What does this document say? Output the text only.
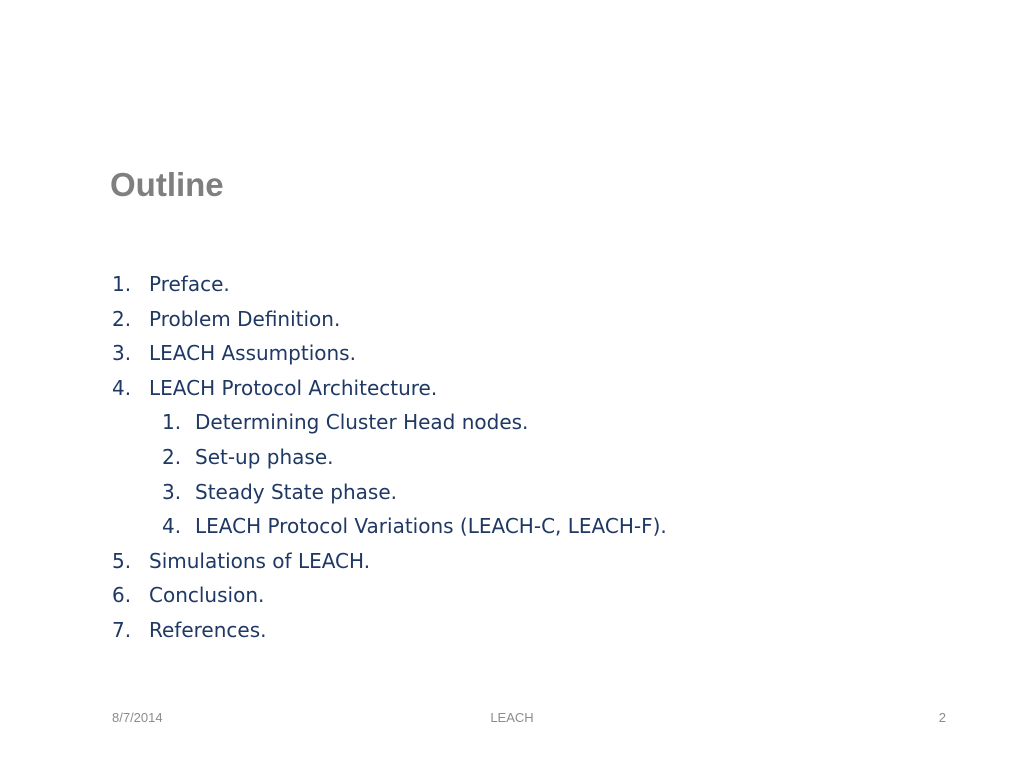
Outline
1. Preface.
2. Problem Definition.
3. LEACH Assumptions.
4. LEACH Protocol Architecture.
1. Determining Cluster Head nodes.
2. Set-up phase.
3. Steady State phase.
4. LEACH Protocol Variations (LEACH-C, LEACH-F).
5. Simulations of LEACH.
6. Conclusion.
7. References.
8/7/2014	LEACH	2
